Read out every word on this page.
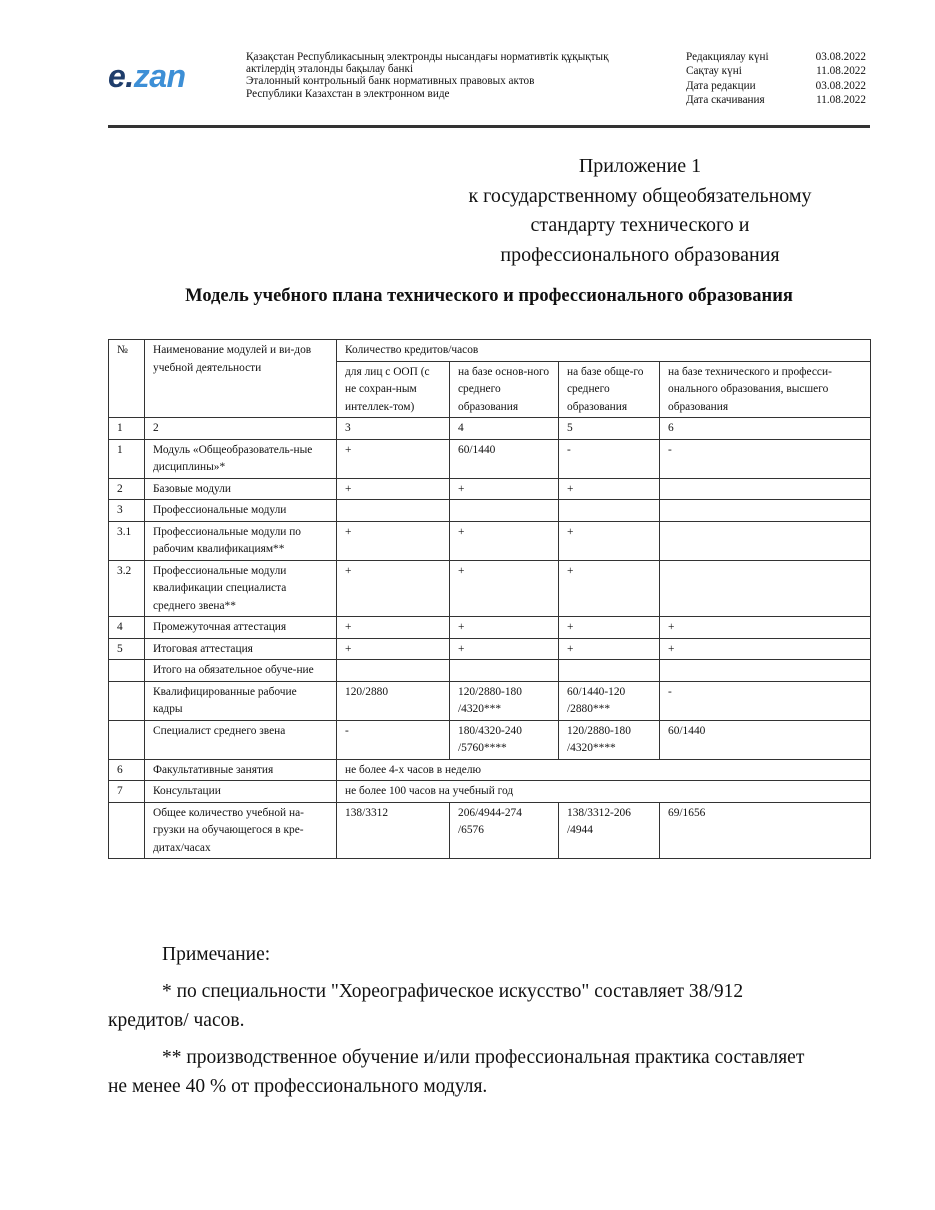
e . zan
Қазақстан Республикасының электронды нысандағы нормативтік құқықтық
актілердің эталонды бақылау банкі
Эталонный контрольный банк нормативных правовых актов
Республики Казахстан в электронном виде
Редакциялау күні	03.08.2022
Сақтау күні	11.08.2022
Дата редакции	03.08.2022
Дата скачивания	11.08.2022
Приложение 1
к государственному общеобязательному
стандарту технического и
профессионального образования
Модель учебного плана технического и профессионального образования
№	Наименование модулей и ви-дов учебной деятельности	Количество кредитов/часов			
		для лиц с ООП (с не сохран-ным интеллек-том)	на базе основ-ного среднего образования	на базе обще-го среднего образования	на базе технического и професси-онального образования, высшего образования
1	2	3	4	5	6
1	Модуль «Общеобразователь-ные дисциплины»*	+	60/1440	-	-
2	Базовые модули	+	+	+	
3	Профессиональные модули				
3.1	Профессиональные модули по рабочим квалификациям**	+	+	+	
3.2	Профессиональные модули квалификации специалиста среднего звена**	+	+	+	
4	Промежуточная аттестация	+	+	+	+
5	Итоговая аттестация	+	+	+	+
	Итого на обязательное обуче-ние				
	Квалифицированные рабочие кадры	120/2880	120/2880-180 /4320***	60/1440-120 /2880***	-
	Специалист среднего звена	-	180/4320-240 /5760****	120/2880-180 /4320****	60/1440
6	Факультативные занятия	не более 4-х часов в неделю			
7	Консультации	не более 100 часов на учебный год			
	Общее количество учебной на-грузки на обучающегося в кре-дитах/часах	138/3312	206/4944-274 /6576	138/3312-206 /4944	69/1656

Примечание:

* по специальности "Хореографическое искусство" составляет 38/912 кредитов/ часов.

** производственное обучение и/или профессиональная практика составляет не менее 40 % от профессионального модуля.
